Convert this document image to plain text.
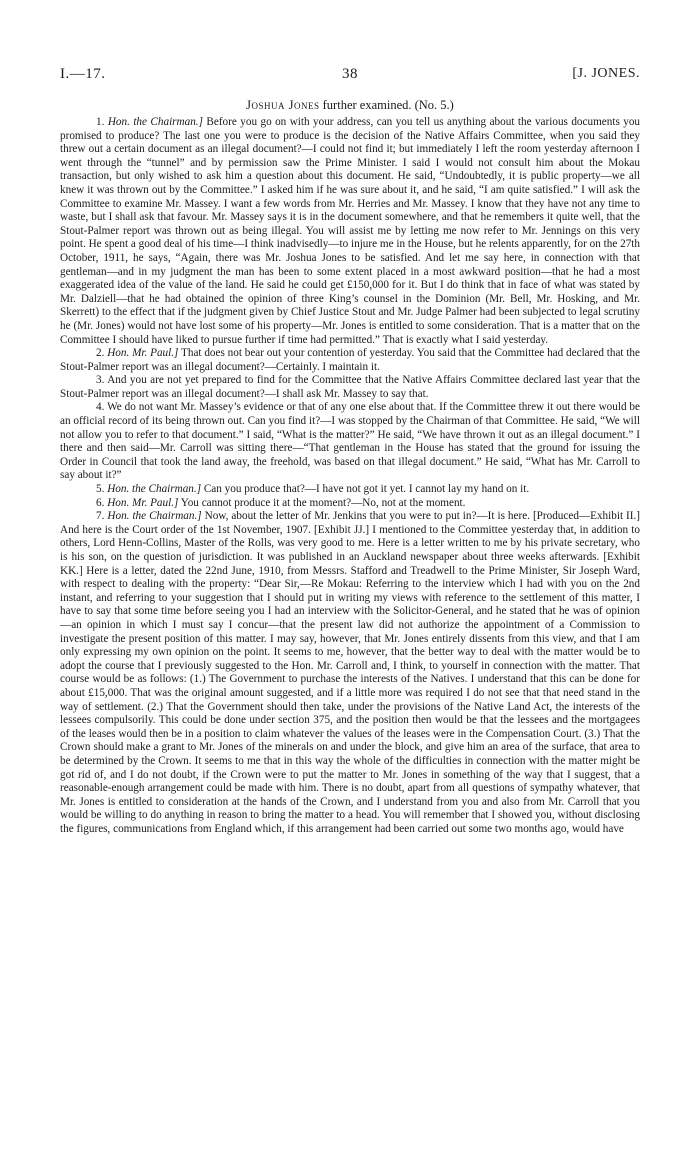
I.—17.	38	[J. JONES.
Joshua Jones further examined. (No. 5.)

1. Hon. the Chairman.] Before you go on with your address, can you tell us anything about the various documents you promised to produce? The last one you were to produce is the decision of the Native Affairs Committee, when you said they threw out a certain document as an illegal document?—I could not find it; but immediately I left the room yesterday afternoon I went through the “tunnel” and by permission saw the Prime Minister. I said I would not consult him about the Mokau transaction, but only wished to ask him a question about this document. He said, “Undoubtedly, it is public property—we all knew it was thrown out by the Committee.” I asked him if he was sure about it, and he said, “I am quite satisfied.” I will ask the Committee to examine Mr. Massey. I want a few words from Mr. Herries and Mr. Massey. I know that they have not any time to waste, but I shall ask that favour. Mr. Massey says it is in the document somewhere, and that he remembers it quite well, that the Stout-Palmer report was thrown out as being illegal. You will assist me by letting me now refer to Mr. Jennings on this very point. He spent a good deal of his time—I think inadvisedly—to injure me in the House, but he relents apparently, for on the 27th October, 1911, he says, “Again, there was Mr. Joshua Jones to be satisfied. And let me say here, in connection with that gentleman—and in my judgment the man has been to some extent placed in a most awkward position—that he had a most exaggerated idea of the value of the land. He said he could get £150,000 for it. But I do think that in face of what was stated by Mr. Dalziell—that he had obtained the opinion of three King’s counsel in the Dominion (Mr. Bell, Mr. Hosking, and Mr. Skerrett) to the effect that if the judgment given by Chief Justice Stout and Mr. Judge Palmer had been subjected to legal scrutiny he (Mr. Jones) would not have lost some of his property—Mr. Jones is entitled to some consideration. That is a matter that on the Committee I should have liked to pursue further if time had permitted.” That is exactly what I said yesterday.

2. Hon. Mr. Paul.] That does not bear out your contention of yesterday. You said that the Committee had declared that the Stout-Palmer report was an illegal document?—Certainly. I maintain it.

3. And you are not yet prepared to find for the Committee that the Native Affairs Committee declared last year that the Stout-Palmer report was an illegal document?—I shall ask Mr. Massey to say that.

4. We do not want Mr. Massey’s evidence or that of any one else about that. If the Committee threw it out there would be an official record of its being thrown out. Can you find it?—I was stopped by the Chairman of that Committee. He said, “We will not allow you to refer to that document.” I said, “What is the matter?” He said, “We have thrown it out as an illegal document.” I there and then said—Mr. Carroll was sitting there—“That gentleman in the House has stated that the ground for issuing the Order in Council that took the land away, the freehold, was based on that illegal document.” He said, “What has Mr. Carroll to say about it?”

5. Hon. the Chairman.] Can you produce that?—I have not got it yet. I cannot lay my hand on it.

6. Hon. Mr. Paul.] You cannot produce it at the moment?—No, not at the moment.

7. Hon. the Chairman.] Now, about the letter of Mr. Jenkins that you were to put in?—It is here. [Produced—Exhibit II.] And here is the Court order of the 1st November, 1907. [Exhibit JJ.] I mentioned to the Committee yesterday that, in addition to others, Lord Henn-Collins, Master of the Rolls, was very good to me. Here is a letter written to me by his private secretary, who is his son, on the question of jurisdiction. It was published in an Auckland newspaper about three weeks afterwards. [Exhibit KK.] Here is a letter, dated the 22nd June, 1910, from Messrs. Stafford and Treadwell to the Prime Minister, Sir Joseph Ward, with respect to dealing with the property: “Dear Sir,—Re Mokau: Referring to the interview which I had with you on the 2nd instant, and referring to your suggestion that I should put in writing my views with reference to the settlement of this matter, I have to say that some time before seeing you I had an interview with the Solicitor-General, and he stated that he was of opinion—an opinion in which I must say I concur—that the present law did not authorize the appointment of a Commission to investigate the present position of this matter. I may say, however, that Mr. Jones entirely dissents from this view, and that I am only expressing my own opinion on the point. It seems to me, however, that the better way to deal with the matter would be to adopt the course that I previously suggested to the Hon. Mr. Carroll and, I think, to yourself in connection with the matter. That course would be as follows: (1.) The Government to purchase the interests of the Natives. I understand that this can be done for about £15,000. That was the original amount suggested, and if a little more was required I do not see that that need stand in the way of settlement. (2.) That the Government should then take, under the provisions of the Native Land Act, the interests of the lessees compulsorily. This could be done under section 375, and the position then would be that the lessees and the mortgagees of the leases would then be in a position to claim whatever the values of the leases were in the Compensation Court. (3.) That the Crown should make a grant to Mr. Jones of the minerals on and under the block, and give him an area of the surface, that area to be determined by the Crown. It seems to me that in this way the whole of the difficulties in connection with the matter might be got rid of, and I do not doubt, if the Crown were to put the matter to Mr. Jones in something of the way that I suggest, that a reasonable-enough arrangement could be made with him. There is no doubt, apart from all questions of sympathy whatever, that Mr. Jones is entitled to consideration at the hands of the Crown, and I understand from you and also from Mr. Carroll that you would be willing to do anything in reason to bring the matter to a head. You will remember that I showed you, without disclosing the figures, communications from England which, if this arrangement had been carried out some two months ago, would have
